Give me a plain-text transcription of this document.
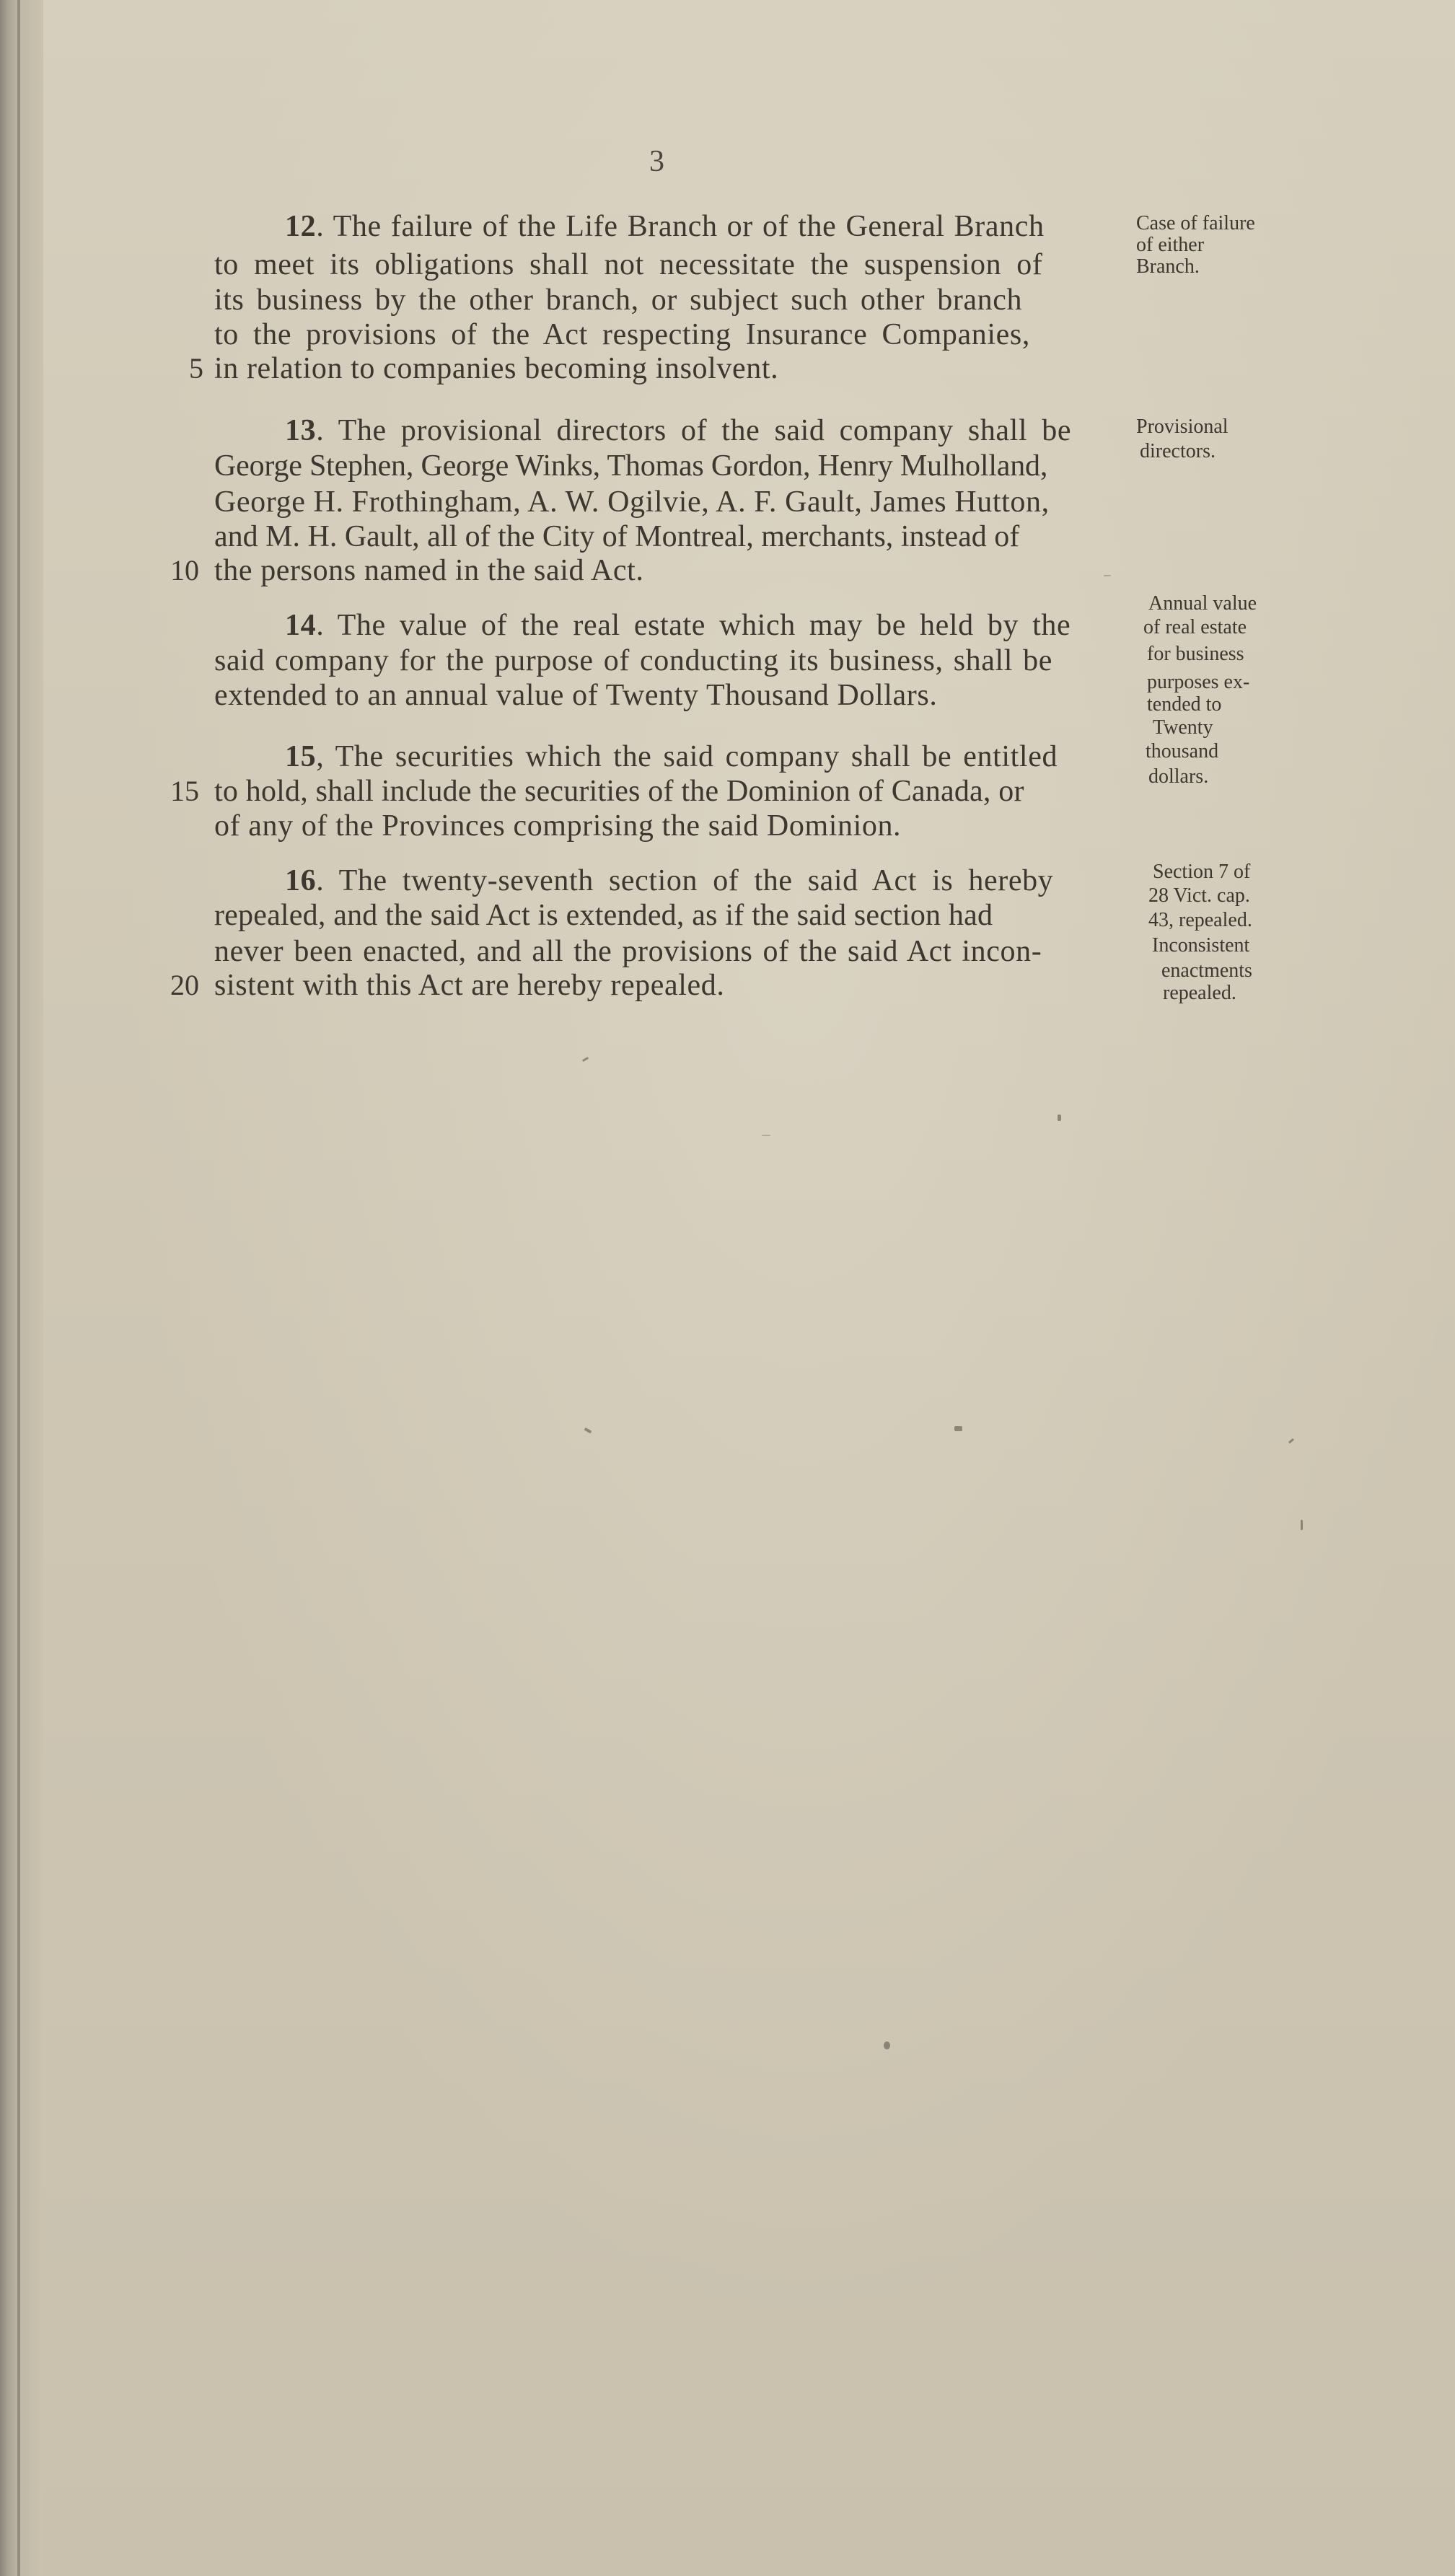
3
12. The failure of the Life Branch or of the General Branch
to meet its obligations shall not necessitate the suspension of
its business by the other branch, or subject such other branch
to the provisions of the Act respecting Insurance Companies,
5 in relation to companies becoming insolvent.
Case of failure
of either
Branch.
13. The provisional directors of the said company shall be
George Stephen, George Winks, Thomas Gordon, Henry Mulholland,
George H. Frothingham, A. W. Ogilvie, A. F. Gault, James Hutton,
and M. H. Gault, all of the City of Montreal, merchants, instead of
10 the persons named in the said Act.
Provisional
directors.
14. The value of the real estate which may be held by the
said company for the purpose of conducting its business, shall be
extended to an annual value of Twenty Thousand Dollars.
Annual value
of real estate
for business
purposes ex-
tended to
Twenty
thousand
dollars.
15, The securities which the said company shall be entitled
15 to hold, shall include the securities of the Dominion of Canada, or
of any of the Provinces comprising the said Dominion.
16. The twenty-seventh section of the said Act is hereby
repealed, and the said Act is extended, as if the said section had
never been enacted, and all the provisions of the said Act incon-
20 sistent with this Act are hereby repealed.
Section 7 of
28 Vict. cap.
43, repealed.
Inconsistent
enactments
repealed.
